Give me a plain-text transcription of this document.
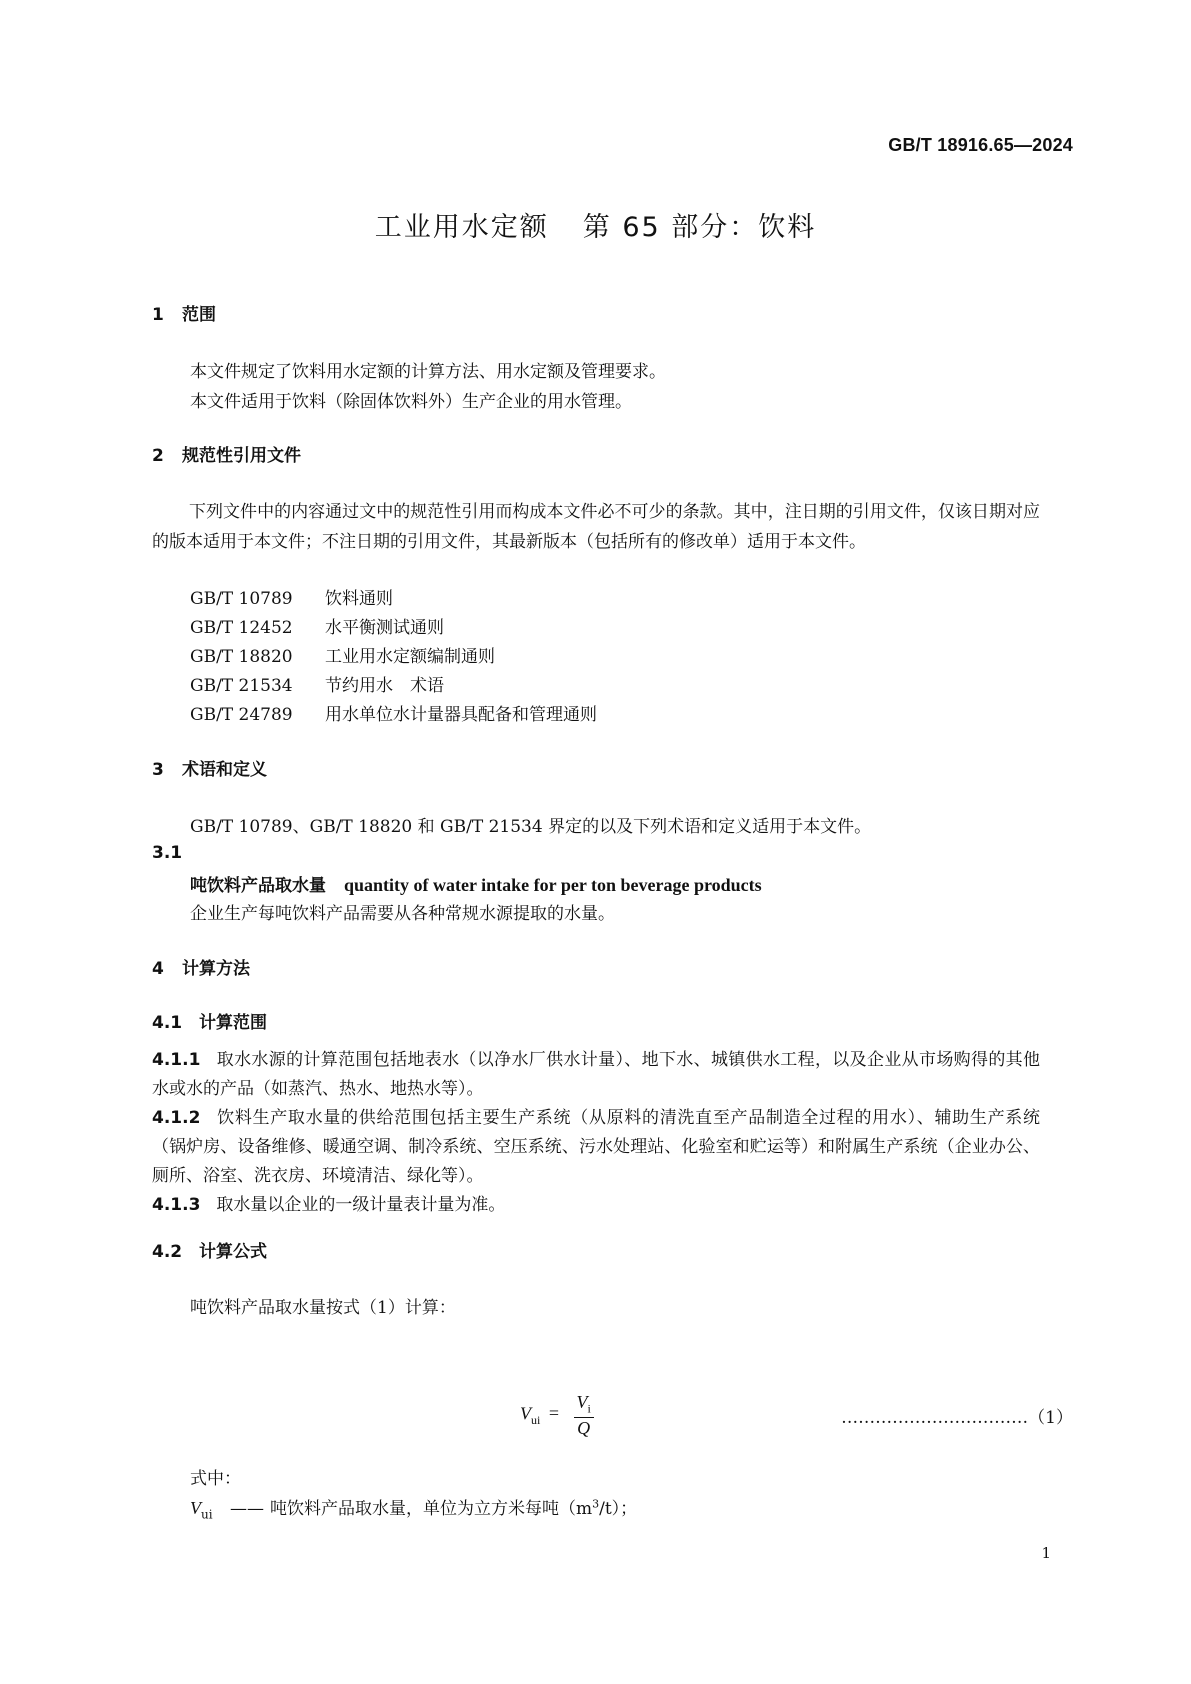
GB/T 18916.65—2024
工业用水定额 第 65 部分：饮料
1 范围
本文件规定了饮料用水定额的计算方法、用水定额及管理要求。
本文件适用于饮料（除固体饮料外）生产企业的用水管理。
2 规范性引用文件
下列文件中的内容通过文中的规范性引用而构成本文件必不可少的条款。其中，注日期的引用文件，仅该日期对应的版本适用于本文件；不注日期的引用文件，其最新版本（包括所有的修改单）适用于本文件。
GB/T 10789 饮料通则
GB/T 12452 水平衡测试通则
GB/T 18820 工业用水定额编制通则
GB/T 21534 节约用水　术语
GB/T 24789 用水单位水计量器具配备和管理通则
3 术语和定义
GB/T 10789、GB/T 18820 和 GB/T 21534 界定的以及下列术语和定义适用于本文件。
3.1
吨饮料产品取水量 quantity of water intake for per ton beverage products
企业生产每吨饮料产品需要从各种常规水源提取的水量。
4 计算方法
4.1 计算范围
4.1.1 取水水源的计算范围包括地表水（以净水厂供水计量）、地下水、城镇供水工程，以及企业从市场购得的其他水或水的产品（如蒸汽、热水、地热水等）。
4.1.2 饮料生产取水量的供给范围包括主要生产系统（从原料的清洗直至产品制造全过程的用水）、辅助生产系统（锅炉房、设备维修、暖通空调、制冷系统、空压系统、污水处理站、化验室和贮运等）和附属生产系统（企业办公、厕所、浴室、洗衣房、环境清洁、绿化等）。
4.1.3 取水量以企业的一级计量表计量为准。
4.2 计算公式
吨饮料产品取水量按式（1）计算：
$V_{ui} = \frac{V_i}{Q}$	……………………………（1）
式中：
$V_{ui}$ —— 吨饮料产品取水量，单位为立方米每吨$(m^3/t)$；
1
